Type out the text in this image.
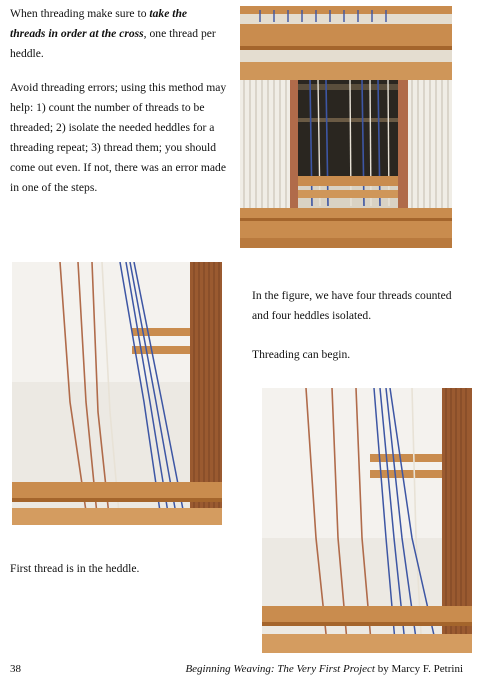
When threading make sure to take the threads in order at the cross, one thread per heddle.

Avoid threading errors; using this method may help: 1) count the number of threads to be threaded; 2) isolate the needed heddles for a threading repeat; 3) thread them; you should come out even. If not, there was an error made in one of the steps.

In the figure, we have four threads counted and four heddles isolated.

Threading can begin.

First thread is in the heddle.

38	Beginning Weaving: The Very First Project by Marcy F. Petrini
